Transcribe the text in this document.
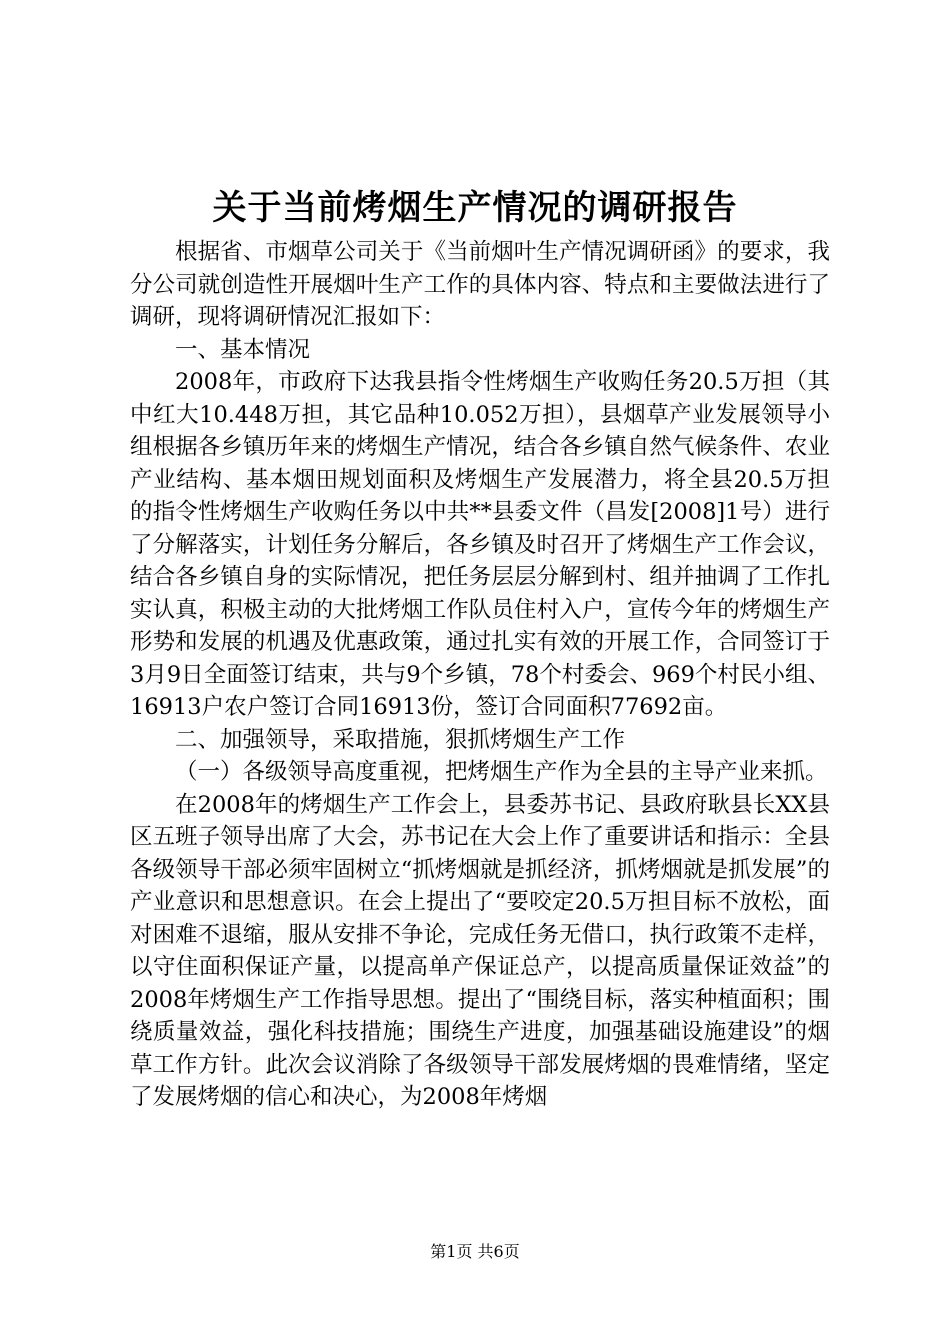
关于当前烤烟生产情况的调研报告

根据省、市烟草公司关于《当前烟叶生产情况调研函》的要求，我分公司就创造性开展烟叶生产工作的具体内容、特点和主要做法进行了调研，现将调研情况汇报如下：

一、基本情况

2008年，市政府下达我县指令性烤烟生产收购任务20.5万担（其中红大10.448万担，其它品种10.052万担），县烟草产业发展领导小组根据各乡镇历年来的烤烟生产情况，结合各乡镇自然气候条件、农业产业结构、基本烟田规划面积及烤烟生产发展潜力，将全县20.5万担的指令性烤烟生产收购任务以中共**县委文件（昌发[2008]1号）进行了分解落实，计划任务分解后，各乡镇及时召开了烤烟生产工作会议，结合各乡镇自身的实际情况，把任务层层分解到村、组并抽调了工作扎实认真，积极主动的大批烤烟工作队员住村入户，宣传今年的烤烟生产形势和发展的机遇及优惠政策，通过扎实有效的开展工作，合同签订于3月9日全面签订结束，共与9个乡镇，78个村委会、969个村民小组、16913户农户签订合同16913份，签订合同面积77692亩。

二、加强领导，采取措施，狠抓烤烟生产工作

（一）各级领导高度重视，把烤烟生产作为全县的主导产业来抓。

在2008年的烤烟生产工作会上，县委苏书记、县政府耿县长XX县区五班子领导出席了大会，苏书记在大会上作了重要讲话和指示：全县各级领导干部必须牢固树立“抓烤烟就是抓经济，抓烤烟就是抓发展”的产业意识和思想意识。在会上提出了“要咬定20.5万担目标不放松，面对困难不退缩，服从安排不争论，完成任务无借口，执行政策不走样，以守住面积保证产量，以提高单产保证总产，以提高质量保证效益”的2008年烤烟生产工作指导思想。提出了“围绕目标，落实种植面积；围绕质量效益，强化科技措施；围绕生产进度，加强基础设施建设”的烟草工作方针。此次会议消除了各级领导干部发展烤烟的畏难情绪，坚定了发展烤烟的信心和决心，为2008年烤烟

第1页 共6页
